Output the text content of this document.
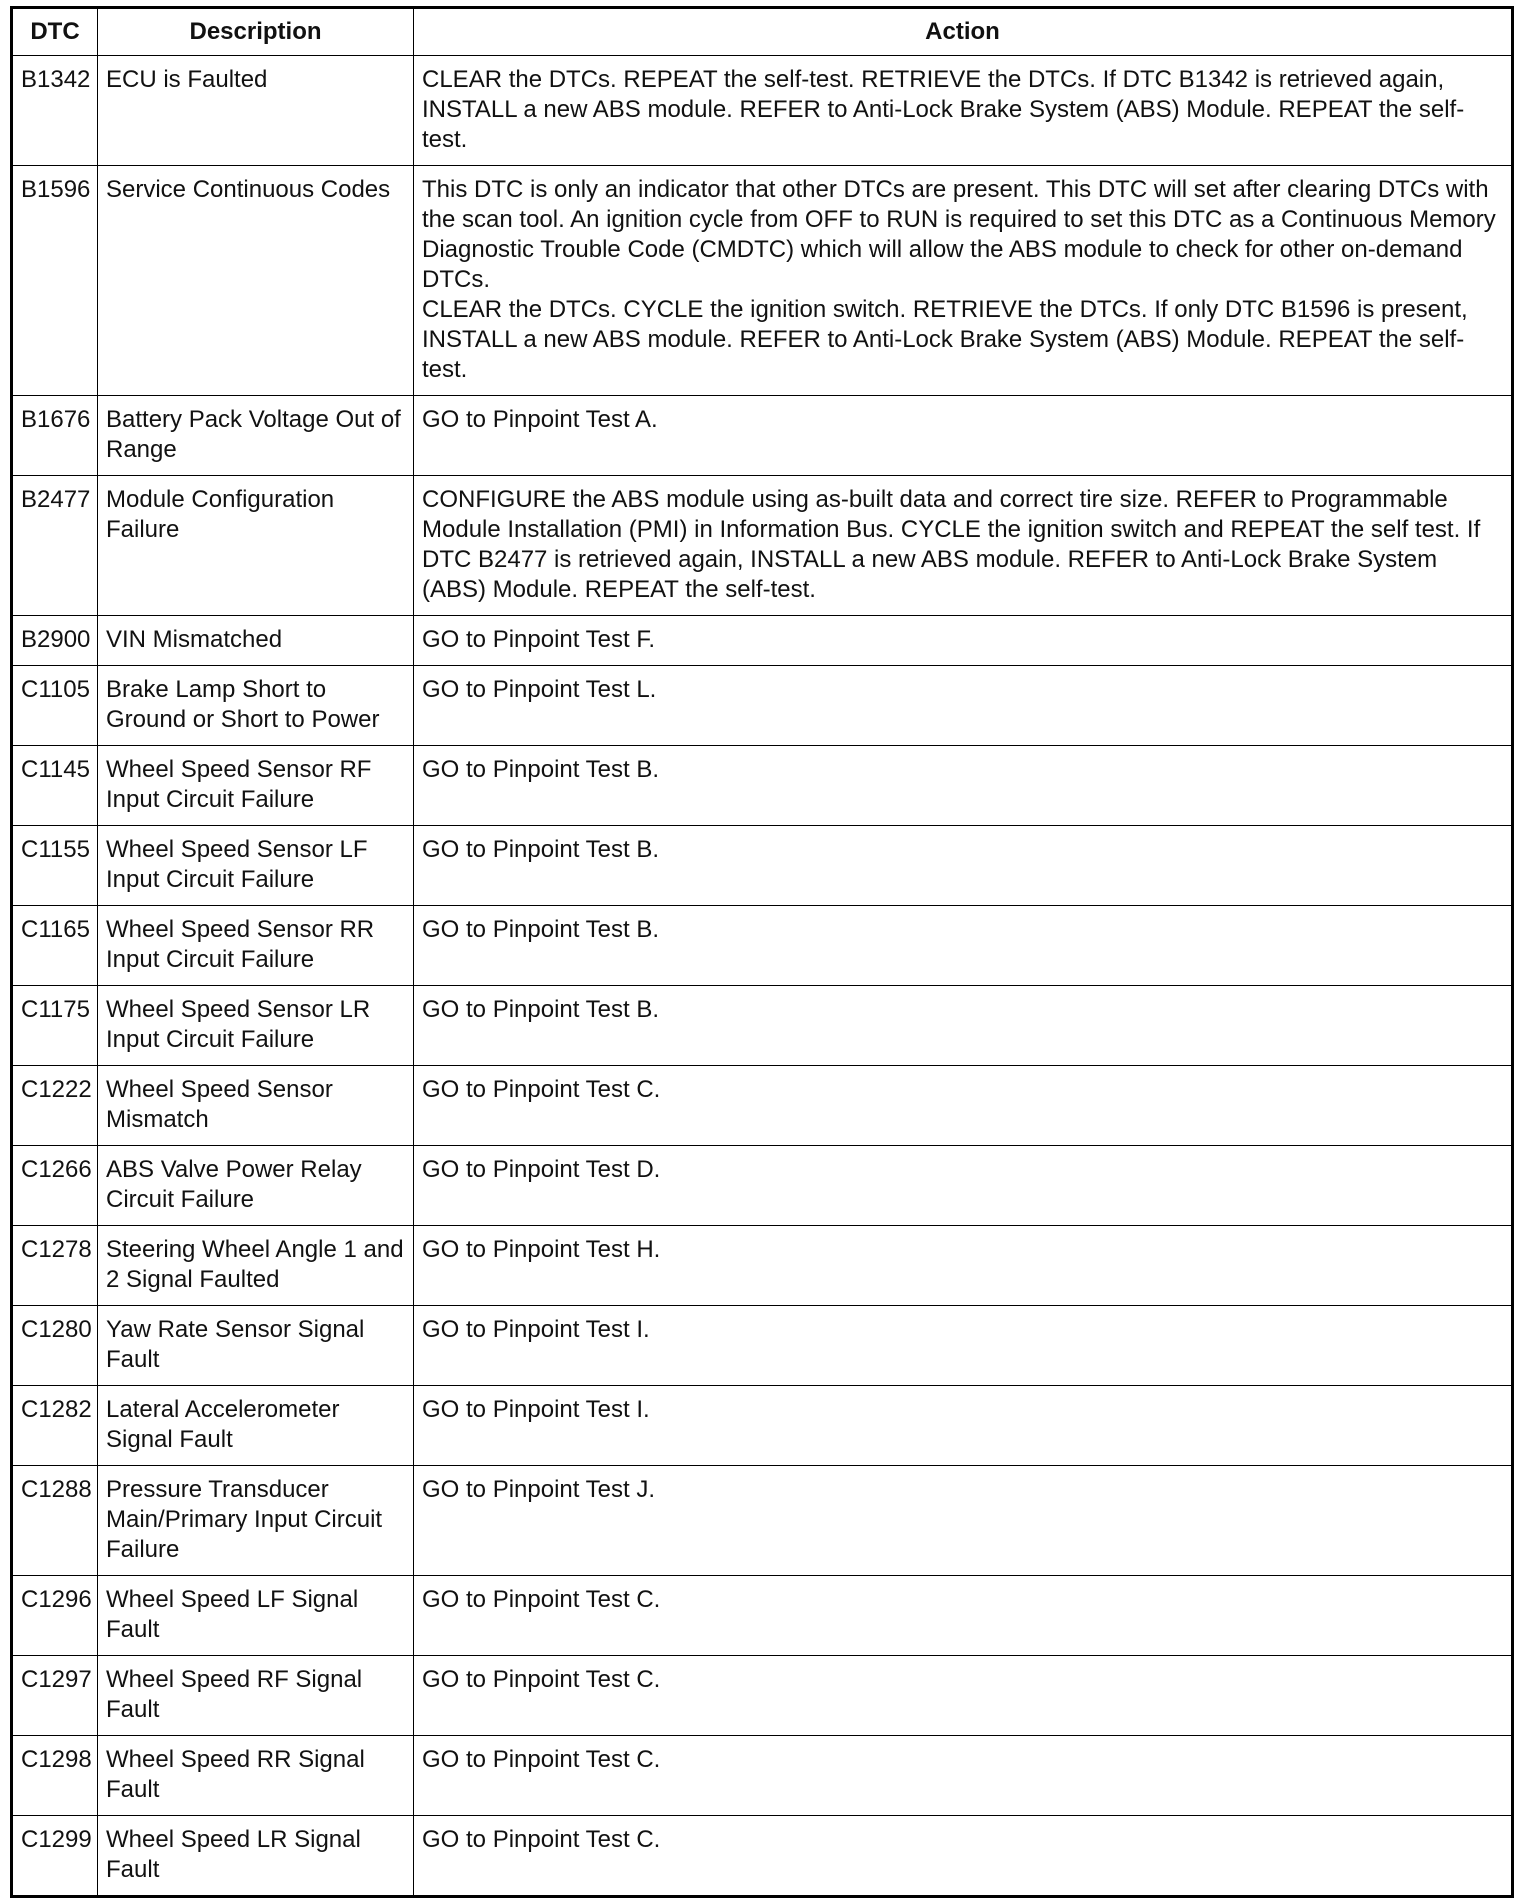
DTC	Description	Action
B1342	ECU is Faulted	CLEAR the DTCs. REPEAT the self-test. RETRIEVE the DTCs. If DTC B1342 is retrieved again, INSTALL a new ABS module. REFER to Anti-Lock Brake System (ABS) Module. REPEAT the self-test.
B1596	Service Continuous Codes	This DTC is only an indicator that other DTCs are present. This DTC will set after clearing DTCs with the scan tool. An ignition cycle from OFF to RUN is required to set this DTC as a Continuous Memory Diagnostic Trouble Code (CMDTC) which will allow the ABS module to check for other on-demand DTCs.
CLEAR the DTCs. CYCLE the ignition switch. RETRIEVE the DTCs. If only DTC B1596 is present, INSTALL a new ABS module. REFER to Anti-Lock Brake System (ABS) Module. REPEAT the self-test.
B1676	Battery Pack Voltage Out of Range	GO to Pinpoint Test A.
B2477	Module Configuration Failure	CONFIGURE the ABS module using as-built data and correct tire size. REFER to Programmable Module Installation (PMI) in Information Bus. CYCLE the ignition switch and REPEAT the self test. If DTC B2477 is retrieved again, INSTALL a new ABS module. REFER to Anti-Lock Brake System (ABS) Module. REPEAT the self-test.
B2900	VIN Mismatched	GO to Pinpoint Test F.
C1105	Brake Lamp Short to Ground or Short to Power	GO to Pinpoint Test L.
C1145	Wheel Speed Sensor RF Input Circuit Failure	GO to Pinpoint Test B.
C1155	Wheel Speed Sensor LF Input Circuit Failure	GO to Pinpoint Test B.
C1165	Wheel Speed Sensor RR Input Circuit Failure	GO to Pinpoint Test B.
C1175	Wheel Speed Sensor LR Input Circuit Failure	GO to Pinpoint Test B.
C1222	Wheel Speed Sensor Mismatch	GO to Pinpoint Test C.
C1266	ABS Valve Power Relay Circuit Failure	GO to Pinpoint Test D.
C1278	Steering Wheel Angle 1 and 2 Signal Faulted	GO to Pinpoint Test H.
C1280	Yaw Rate Sensor Signal Fault	GO to Pinpoint Test I.
C1282	Lateral Accelerometer Signal Fault	GO to Pinpoint Test I.
C1288	Pressure Transducer Main/Primary Input Circuit Failure	GO to Pinpoint Test J.
C1296	Wheel Speed LF Signal Fault	GO to Pinpoint Test C.
C1297	Wheel Speed RF Signal Fault	GO to Pinpoint Test C.
C1298	Wheel Speed RR Signal Fault	GO to Pinpoint Test C.
C1299	Wheel Speed LR Signal Fault	GO to Pinpoint Test C.
